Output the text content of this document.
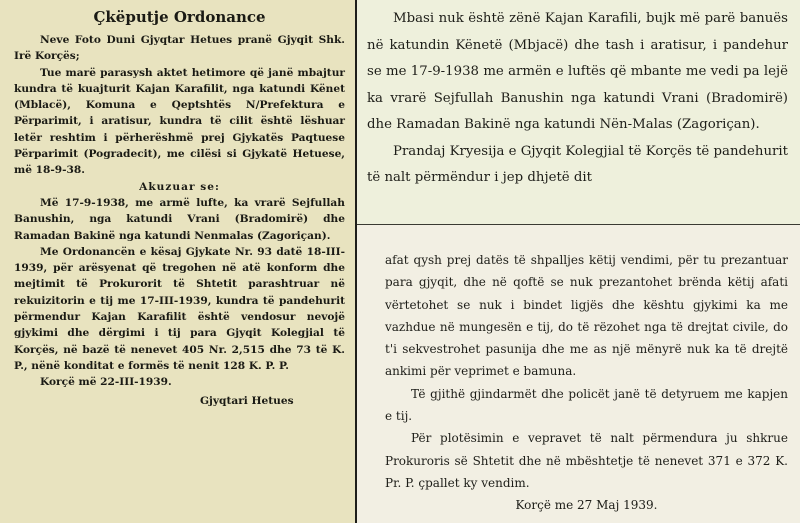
Çkëputje Ordonance

Neve Foto Duni Gjyqtar Hetues pranë Gjyqit Shk. Irë Korçës;

Tue marë parasysh aktet hetimore që janë mbajtur kundra të kuajturit Kajan Karafilit, nga katundi Kënet (Mblacë), Komuna e Qeptshtës N/Prefektura e Përparimit, i aratisur, kundra të cilit është lëshuar letër reshtim i përherëshmë prej Gjykatës Paqtuese Përparimit (Pogradecit), me cilësi si Gjykatë Hetuese, më 18-9-38.

Akuzuar se:

Më 17-9-1938, me armë lufte, ka vrarë Sejfullah Banushin, nga katundi Vrani (Bradomirë) dhe Ramadan Bakinë nga katundi Nenmalas (Zagoriçan).

Me Ordonancën e kësaj Gjykate Nr. 93 datë 18-III-1939, për arësyenat që tregohen në atë konform dhe mejtimit të Prokurorit të Shtetit parashtruar në rekuizitorin e tij me 17-III-1939, kundra të pandehurit përmendur Kajan Karafilit është vendosur nevojë gjykimi dhe dërgimi i tij para Gjyqit Kolegjial të Korçës, në bazë të nenevet 405 Nr. 2,515 dhe 73 të K. P., nënë konditat e formës të nenit 128 K. P. P.

Korçë më 22-III-1939.

Gjyqtari Hetues

Mbasi nuk është zënë Kajan Karafili, bujk më parë banuës në katundin Kënetë (Mbjacë) dhe tash i aratisur, i pandehur se me 17-9-1938 me armën e luftës që mbante me vedi pa lejë ka vrarë Sejfullah Banushin nga katundi Vrani (Bradomirë) dhe Ramadan Bakinë nga katundi Nën-Malas (Zagoriçan).

Prandaj Kryesija e Gjyqit Kolegjial të Korçës të pandehurit të nalt përmëndur i jep dhjetë dit

afat qysh prej datës të shpalljes këtij vendimi, për tu prezantuar para gjyqit, dhe në qoftë se nuk prezantohet brënda këtij afati vërtetohet se nuk i bindet ligjës dhe kështu gjykimi ka me vazhdue në mungesën e tij, do të rëzohet nga të drejtat civile, do t'i sekvestrohet pasunija dhe me as një mënyrë nuk ka të drejtë ankimi për veprimet e bamuna.

Të gjithë gjindarmët dhe policët janë të detyruem me kapjen e tij.

Për plotësimin e vepravet të nalt përmendura ju shkrue Prokuroris së Shtetit dhe në mbështetje të nenevet 371 e 372 K. Pr. P. çpallet ky vendim.

Korçë me 27 Maj 1939.
